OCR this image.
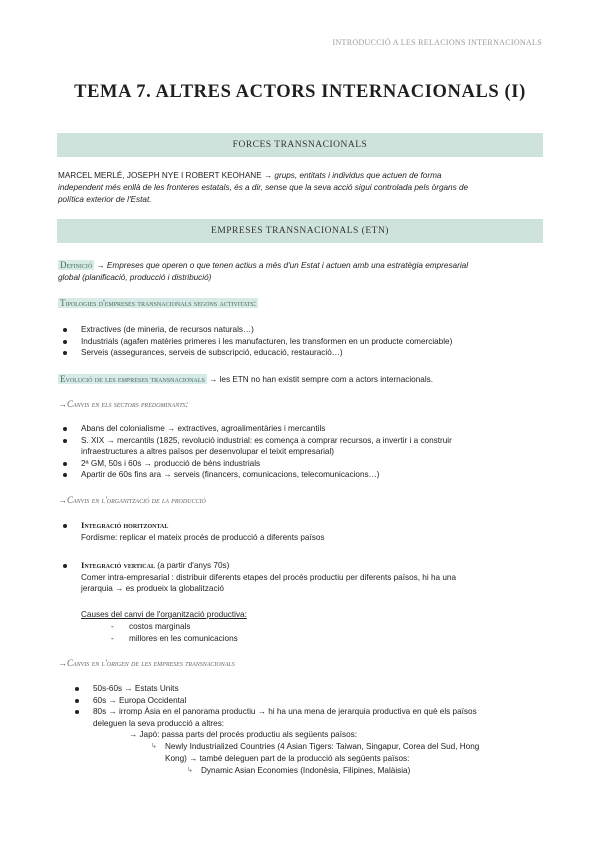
INTRODUCCIÓ A LES RELACIONS INTERNACIONALS
TEMA 7. ALTRES ACTORS INTERNACIONALS (I)
FORCES TRANSNACIONALS
MARCEL MERLÉ, JOSEPH NYE I ROBERT KEOHANE → grups, entitats i individus que actuen de forma
independent més enllà de les fronteres estatals, és a dir, sense que la seva acció sigui controlada pels òrgans de
política exterior de l'Estat.
EMPRESES TRANSNACIONALS (ETN)
Definició → Empreses que operen o que tenen actius a més d'un Estat i actuen amb una estratègia empresarial
global (planificació, producció i distribució)
Tipologies d'empreses transnacionals segons activitats:
Extractives (de mineria, de recursos naturals…)
Industrials (agafen matèries primeres i les manufacturen, les transformen en un producte comerciable)
Serveis (assegurances, serveis de subscripció, educació, restauració…)
Evolució de les empreses transnacionals → les ETN no han existit sempre com a actors internacionals.
→Canvis en els sectors predominants:
Abans del colonialisme → extractives, agroalimentàries i mercantils
S. XIX → mercantils (1825, revolució industrial: es comença a comprar recursos, a invertir i a construir
infraestructures a altres països per desenvolupar el teixit empresarial)
2ª GM, 50s i 60s → producció de béns industrials
Apartir de 60s fins ara → serveis (financers, comunicacions, telecomunicacions…)
→Canvis en l'organització de la producció
Integració horitzontal
Fordisme: replicar el mateix procés de producció a diferents països
Integració vertical (a partir d'anys 70s)
Comer intra-empresarial : distribuir diferents etapes del procés productiu per diferents països, hi ha una
jerarquia → es produeix la globalització
Causes del canvi de l'organització productiva:
- costos marginals
- millores en les comunicacions
→Canvis en l'origen de les empreses transnacionals
50s-60s → Estats Units
60s → Europa Occidental
80s → irromp Àsia en el panorama productiu → hi ha una mena de jerarquia productiva en què els països
deleguen la seva producció a altres:
→ Japó: passa parts del procés productiu als següents països:
↳ Newly Industrialized Countries (4 Asian Tigers: Taiwan, Singapur, Corea del Sud, Hong
Kong) → també deleguen part de la producció als següents països:
↳ Dynamic Asian Economies (Indonèsia, Filipines, Malàisia)
